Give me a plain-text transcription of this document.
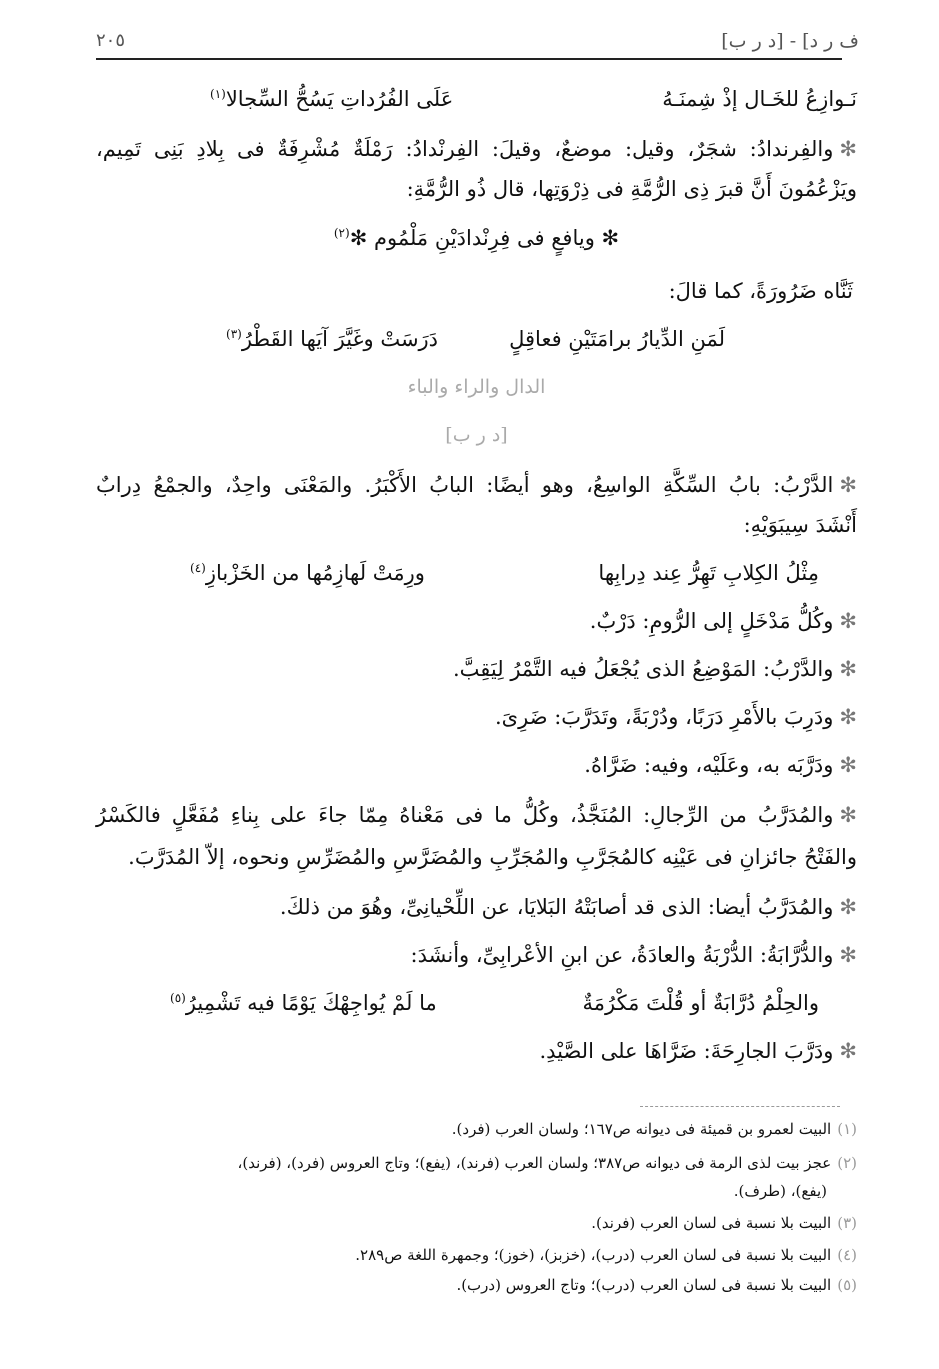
ف ر د] - [د ر ب]
٢٠٥
نَـوازِعُ للخَـال إذْ شِمنَـهُ
عَلَى الفُرُداتِ يَسُحُّ السِّجالا$^{(١)}$
✻والفِرندادُ: شجَرٌ، وقيل: موضعٌ، وقيلَ: الفِرنْدادُ: رَمْلَةٌ مُشْرِفَةٌ فى بِلادِ بَنِى تَمِيم،
ويَزْعُمُونَ أَنَّ قبرَ ذِى الرُّمَّةِ فى ذِرْوَتِها، قال ذُو الرُّمَّةِ:
✻ ويافعٍ فى فِرِنْدادَيْنِ مَلْمُوم ✻$^{(٢)}$
ثَنَّاه ضَرُورَةً، كما قالَ:
لَمَنِ الدِّيارُ برامَتَيْنِ فعاقِلٍ
دَرَسَتْ وغَيَّرَ آيَها القَطْرُ$^{(٣)}$
الدال والراء والباء
[د ر ب]
✻الدَّرْبُ: بابُ السِّكَّةِ الواسِعُ، وهو أيضًا: البابُ الأَكْبَرُ. والمَعْنَى واحِدٌ، والجمْعُ دِرابٌ
أَنْشَدَ سِيبَوَيْهِ:
مِثْلُ الكِلابِ تَهِرُّ عِند دِرابِها
ورِمَتْ لَهازِمُها من الخَزْبازِ$^{(٤)}$
✻وكُلُّ مَدْخَلٍ إلى الرُّومِ: دَرْبٌ.
✻والدَّرْبُ: المَوْضِعُ الذى يُجْعَلُ فيه التَّمْرُ لِيَقِبَّ.
✻ودَرِبَ بالأَمْرِ دَرَبًا، ودُرْبَةً، وتَدَرَّبَ: ضَرِىَ.
✻ودَرَّبَه به، وعَلَيْه، وفيه: ضَرَّاهُ.
✻والمُدَرَّبُ من الرِّجالِ: المُنَجَّذُ، وكُلُّ ما فى مَعْناهُ مِمّا جاءَ على بِناءِ مُفَعَّلٍ فالكَسْرُ
والفَتْحُ جائزانِ فى عَيْنِه كالمُجَرَّبِ والمُجَرِّبِ والمُضَرَّسِ والمُضَرِّسِ ونحوه، إلاّ المُدَرَّبَ.
✻والمُدَرَّبُ أيضا: الذى قد أصابَتْهُ البَلايَا، عن اللِّحْيانِىِّ، وهُوَ من ذلكَ.
✻والدُّرَّابَةُ: الدُّرْبَةُ والعادَةُ، عن ابنِ الأعْرابِىِّ، وأنشَدَ:
والحِلْمُ دُرَّابَةٌ أو قُلْتَ مَكْرُمَةٌ
ما لَمْ يُواجِهْكَ يَوْمًا فيه تَشْمِيرُ$^{(٥)}$
✻ودَرَّبَ الجارِحَةَ: ضَرَّاهَا على الصَّيْدِ.
(١)البيت لعمرو بن قميئة فى ديوانه ص١٦٧؛ ولسان العرب (فرد).
(٢)عجز بيت لذى الرمة فى ديوانه ص٣٨٧؛ ولسان العرب (فرند)، (يفع)؛ وتاج العروس (فرد)، (فرند)،
(يفع)، (طرف).
(٣)البيت بلا نسبة فى لسان العرب (فرند).
(٤)البيت بلا نسبة فى لسان العرب (درب)، (خزبز)، (خوز)؛ وجمهرة اللغة ص٢٨٩.
(٥)البيت بلا نسبة فى لسان العرب (درب)؛ وتاج العروس (درب).
